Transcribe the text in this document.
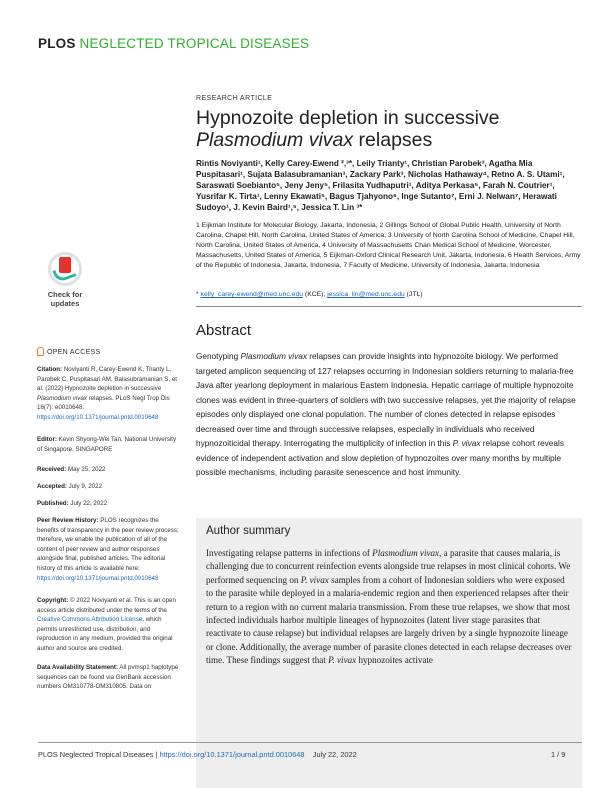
PLOS NEGLECTED TROPICAL DISEASES
RESEARCH ARTICLE
Hypnozoite depletion in successive
Plasmodium vivax relapses
Rintis Noviyanti¹, Kelly Carey-Ewend ²,³*, Leily Trianty¹, Christian Parobek³, Agatha Mia Puspitasari¹, Sujata Balasubramanian³, Zackary Park³, Nicholas Hathaway⁴, Retno A. S. Utami¹, Saraswati Soebianto⁵, Jeny Jeny⁵, Frilasita Yudhaputri¹, Aditya Perkasa⁵, Farah N. Coutrier¹, Yusrifar K. Tirta¹, Lenny Ekawati⁵, Bagus Tjahyono⁶, Inge Sutanto⁷, Erni J. Nelwan⁷, Herawati Sudoyo¹, J. Kevin Baird¹,⁵, Jessica T. Lin ³*
1 Eijkman Institute for Molecular Biology, Jakarta, Indonesia, 2 Gillings School of Global Public Health, University of North Carolina, Chapel Hill, North Carolina, United States of America, 3 University of North Carolina School of Medicine, Chapel Hill, North Carolina, United States of America, 4 University of Massachusetts Chan Medical School of Medicine, Worcester, Massachusetts, United States of America, 5 Eijkman-Oxford Clinical Research Unit, Jakarta, Indonesia, 6 Health Services, Army of the Republic of Indonesia, Jakarta, Indonesia, 7 Faculty of Medicine, University of Indonesia, Jakarta, Indonesia
* kelly_carey-ewend@med.unc.edu (KCE); jessica_lin@med.unc.edu (JTL)
Check for
updates
OPEN ACCESS
Citation: Noviyanti R, Carey-Ewend K, Trianty L, Parobek C, Puspitasari AM, Balasubramanian S, et al. (2022) Hypnozoite depletion in successive Plasmodium vivax relapses. PLoS Negl Trop Dis 16(7): e0010648. https://doi.org/10.1371/journal.pntd.0010648
Editor: Kevin Shyong-Wei Tan, National University of Singapore, SINGAPORE
Received: May 25, 2022
Accepted: July 9, 2022
Published: July 22, 2022
Peer Review History: PLOS recognizes the benefits of transparency in the peer review process; therefore, we enable the publication of all of the content of peer review and author responses alongside final, published articles. The editorial history of this article is available here: https://doi.org/10.1371/journal.pntd.0010648
Copyright: © 2022 Noviyanti et al. This is an open access article distributed under the terms of the Creative Commons Attribution License, which permits unrestricted use, distribution, and reproduction in any medium, provided the original author and source are credited.
Data Availability Statement: All pvmsp1 haplotype sequences can be found via GenBank accession numbers OM310778-OM310805. Data on
Abstract
Genotyping Plasmodium vivax relapses can provide insights into hypnozoite biology. We performed targeted amplicon sequencing of 127 relapses occurring in Indonesian soldiers returning to malaria-free Java after yearlong deployment in malarious Eastern Indonesia. Hepatic carriage of multiple hypnozoite clones was evident in three-quarters of soldiers with two successive relapses, yet the majority of relapse episodes only displayed one clonal population. The number of clones detected in relapse episodes decreased over time and through successive relapses, especially in individuals who received hypnozoiticidal therapy. Interrogating the multiplicity of infection in this P. vivax relapse cohort reveals evidence of independent activation and slow depletion of hypnozoites over many months by multiple possible mechanisms, including parasite senescence and host immunity.
Author summary
Investigating relapse patterns in infections of Plasmodium vivax, a parasite that causes malaria, is challenging due to concurrent reinfection events alongside true relapses in most clinical cohorts. We performed sequencing on P. vivax samples from a cohort of Indonesian soldiers who were exposed to the parasite while deployed in a malaria-endemic region and then experienced relapses after their return to a region with no current malaria transmission. From these true relapses, we show that most infected individuals harbor multiple lineages of hypnozoites (latent liver stage parasites that reactivate to cause relapse) but individual relapses are largely driven by a single hypnozoite lineage or clone. Additionally, the average number of parasite clones detected in each relapse decreases over time. These findings suggest that P. vivax hypnozoites activate
PLOS Neglected Tropical Diseases | https://doi.org/10.1371/journal.pntd.0010648 July 22, 2022	1 / 9
